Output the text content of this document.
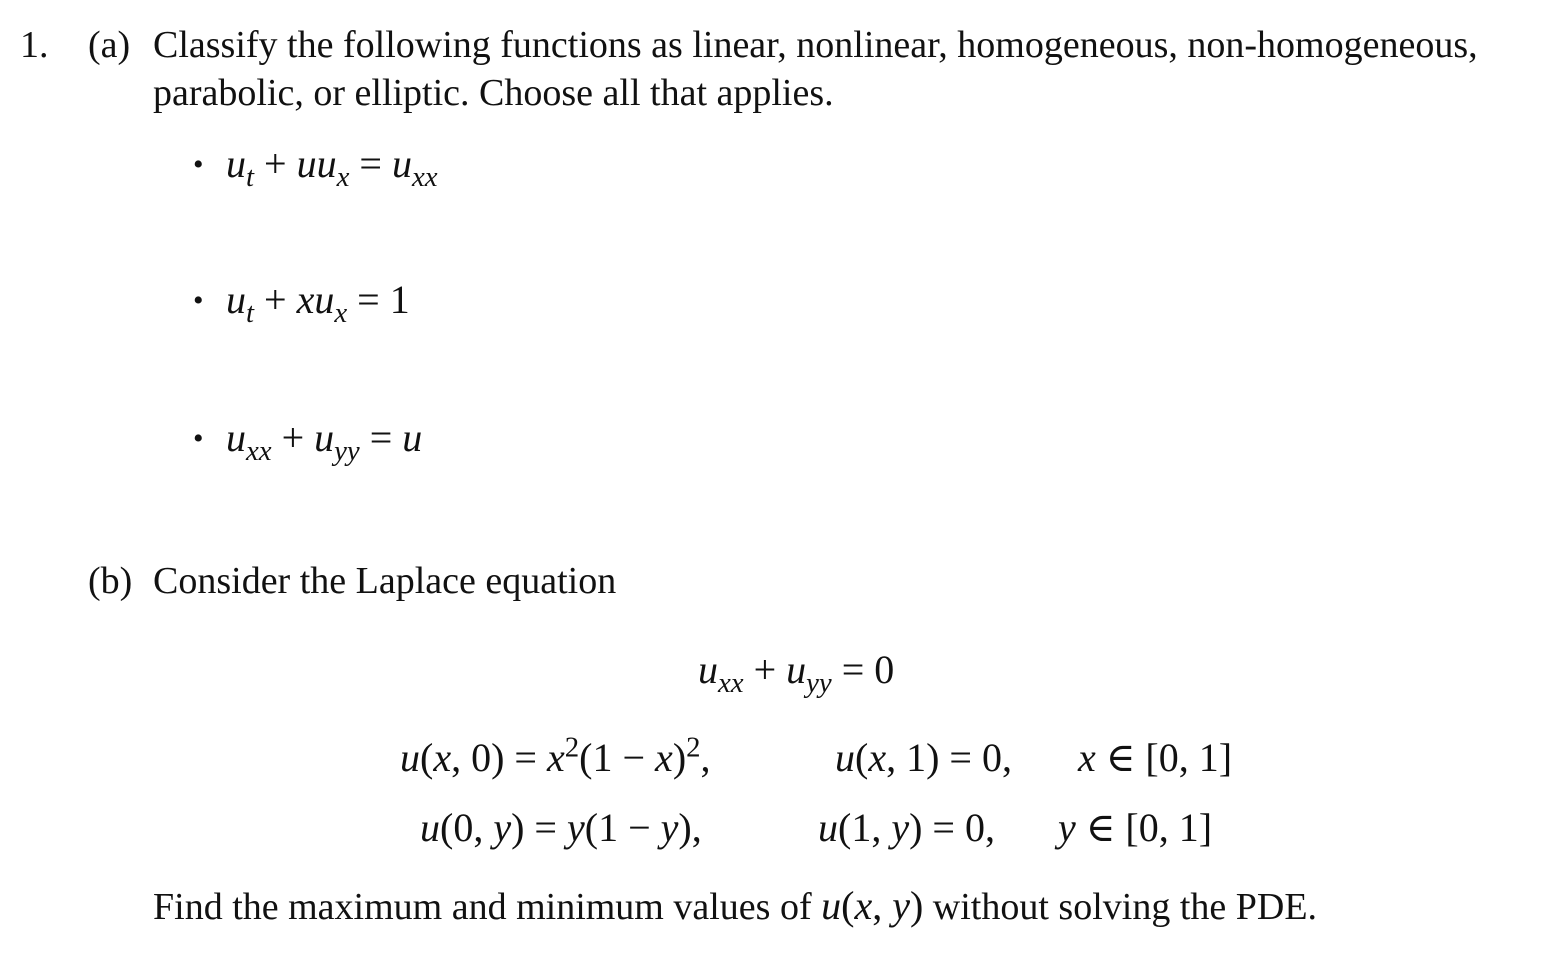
1. (a) Classify the following functions as linear, nonlinear, homogeneous, non-homogeneous,
parabolic, or elliptic. Choose all that applies.
• $u_t + uu_x = u_{xx}$
• $u_t + xu_x = 1$
• $u_{xx} + u_{yy} = u$
(b) Consider the Laplace equation
$u_{xx} + u_{yy} = 0$
u(x, $0) = x^2(1 - x)^2$,	u(x, 1) = 0, x ∈ [0, 1]
u(0, y) = y(1 − y),	u(1, y) = 0, y ∈ [0, 1]
Find the maximum and minimum values of u(x, y) without solving the PDE.
